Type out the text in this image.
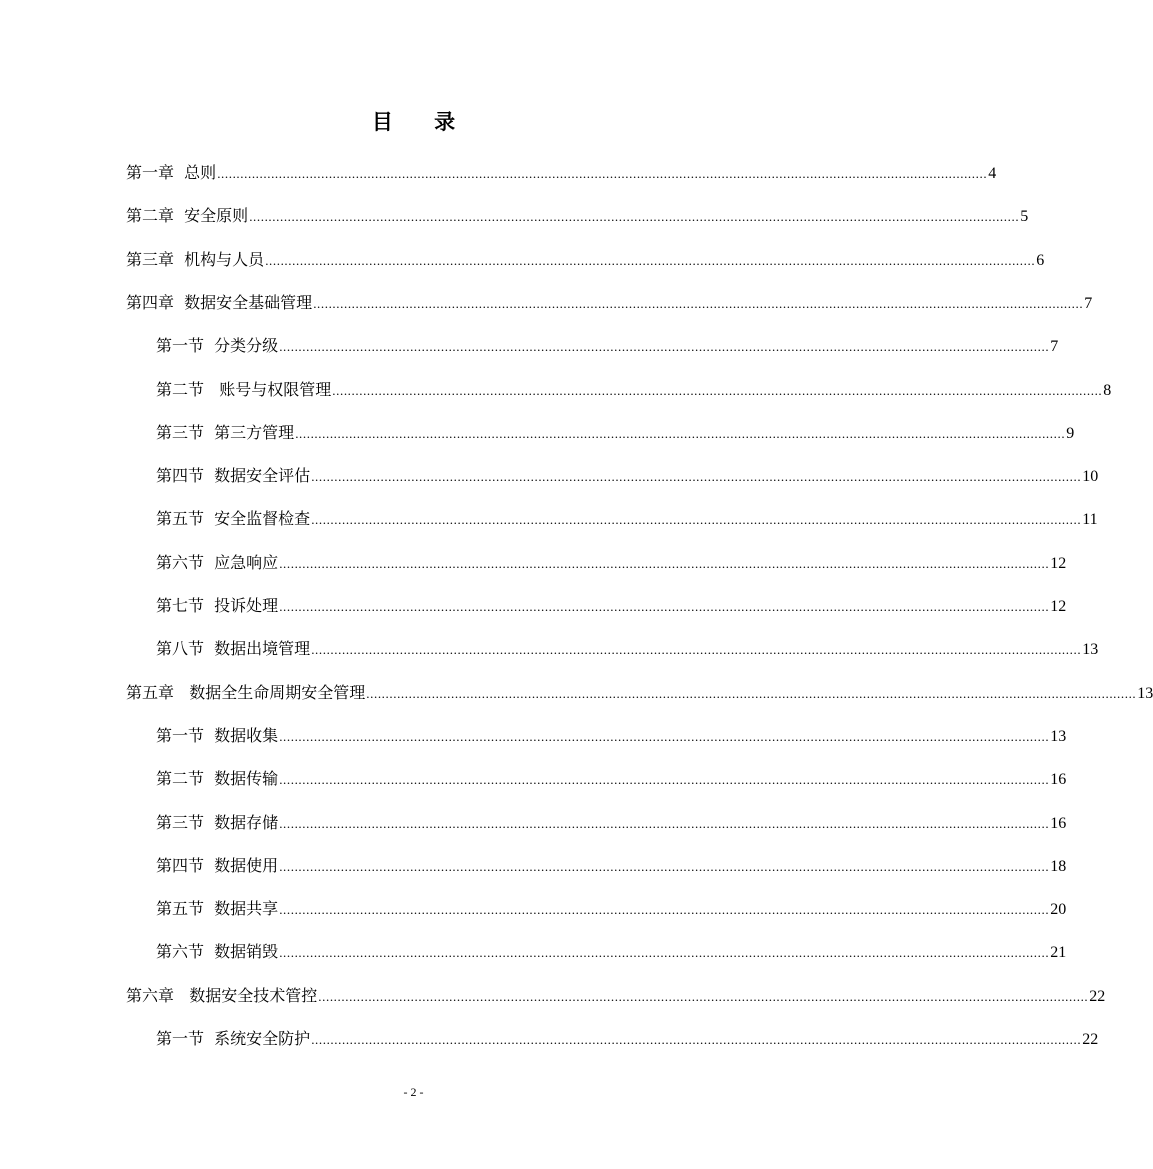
目 录
第一章  总则 ........................................................................................................................................................................................................ 4
第二章  安全原则 ........................................................................................................................................................................................................ 5
第三章  机构与人员 ........................................................................................................................................................................................................ 6
第四章  数据安全基础管理 ........................................................................................................................................................................................................ 7
第一节  分类分级 ........................................................................................................................................................................................................ 7
第二节   账号与权限管理 ........................................................................................................................................................................................................ 8
第三节  第三方管理 ........................................................................................................................................................................................................ 9
第四节  数据安全评估 ........................................................................................................................................................................................................ 10
第五节  安全监督检查 ........................................................................................................................................................................................................ 11
第六节  应急响应 ........................................................................................................................................................................................................ 12
第七节  投诉处理 ........................................................................................................................................................................................................ 12
第八节  数据出境管理 ........................................................................................................................................................................................................ 13
第五章   数据全生命周期安全管理 ........................................................................................................................................................................................................ 13
第一节  数据收集 ........................................................................................................................................................................................................ 13
第二节  数据传输 ........................................................................................................................................................................................................ 16
第三节  数据存储 ........................................................................................................................................................................................................ 16
第四节  数据使用 ........................................................................................................................................................................................................ 18
第五节  数据共享 ........................................................................................................................................................................................................ 20
第六节  数据销毁 ........................................................................................................................................................................................................ 21
第六章   数据安全技术管控 ........................................................................................................................................................................................................ 22
第一节  系统安全防护 ........................................................................................................................................................................................................ 22
- 2 -
